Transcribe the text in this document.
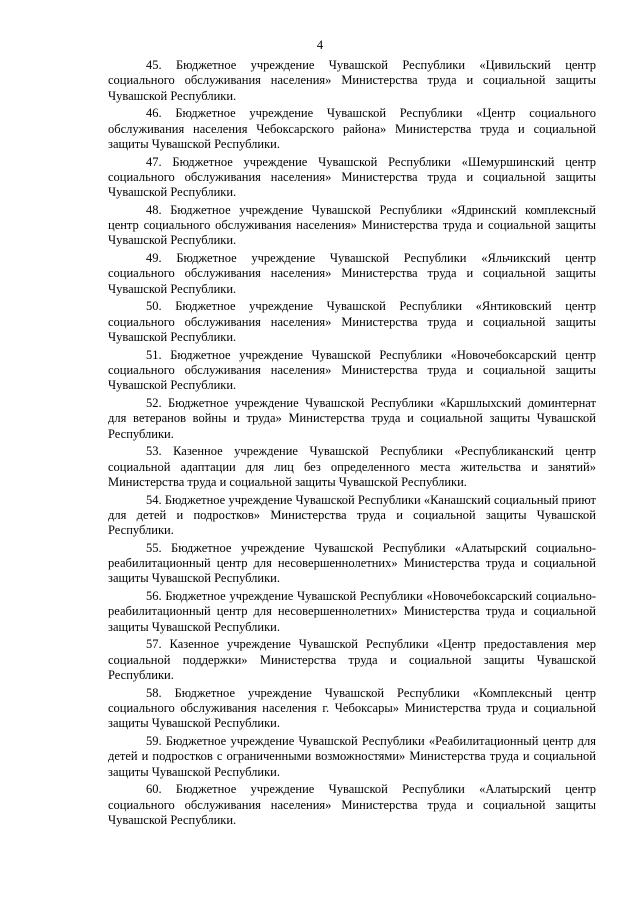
4

45. Бюджетное учреждение Чувашской Республики «Цивильский центр социального обслуживания населения» Министерства труда и социальной защиты Чувашской Республики.

46. Бюджетное учреждение Чувашской Республики «Центр социального обслуживания населения Чебоксарского района» Министерства труда и социальной защиты Чувашской Республики.

47. Бюджетное учреждение Чувашской Республики «Шемуршинский центр социального обслуживания населения» Министерства труда и социальной защиты Чувашской Республики.

48. Бюджетное учреждение Чувашской Республики «Ядринский комплексный центр социального обслуживания населения» Министерства труда и социальной защиты Чувашской Республики.

49. Бюджетное учреждение Чувашской Республики «Яльчикский центр социального обслуживания населения» Министерства труда и социальной защиты Чувашской Республики.

50. Бюджетное учреждение Чувашской Республики «Янтиковский центр социального обслуживания населения» Министерства труда и социальной защиты Чувашской Республики.

51. Бюджетное учреждение Чувашской Республики «Новочебоксарский центр социального обслуживания населения» Министерства труда и социальной защиты Чувашской Республики.

52. Бюджетное учреждение Чувашской Республики «Каршлыхский доминтернат для ветеранов войны и труда» Министерства труда и социальной защиты Чувашской Республики.

53. Казенное учреждение Чувашской Республики «Республиканский центр социальной адаптации для лиц без определенного места жительства и занятий» Министерства труда и социальной защиты Чувашской Республики.

54. Бюджетное учреждение Чувашской Республики «Канашский социальный приют для детей и подростков» Министерства труда и социальной защиты Чувашской Республики.

55. Бюджетное учреждение Чувашской Республики «Алатырский социально-реабилитационный центр для несовершеннолетних» Министерства труда и социальной защиты Чувашской Республики.

56. Бюджетное учреждение Чувашской Республики «Новочебоксарский социально-реабилитационный центр для несовершеннолетних» Министерства труда и социальной защиты Чувашской Республики.

57. Казенное учреждение Чувашской Республики «Центр предоставления мер социальной поддержки» Министерства труда и социальной защиты Чувашской Республики.

58. Бюджетное учреждение Чувашской Республики «Комплексный центр социального обслуживания населения г. Чебоксары» Министерства труда и социальной защиты Чувашской Республики.

59. Бюджетное учреждение Чувашской Республики «Реабилитационный центр для детей и подростков с ограниченными возможностями» Министерства труда и социальной защиты Чувашской Республики.

60. Бюджетное учреждение Чувашской Республики «Алатырский центр социального обслуживания населения» Министерства труда и социальной защиты Чувашской Республики.
